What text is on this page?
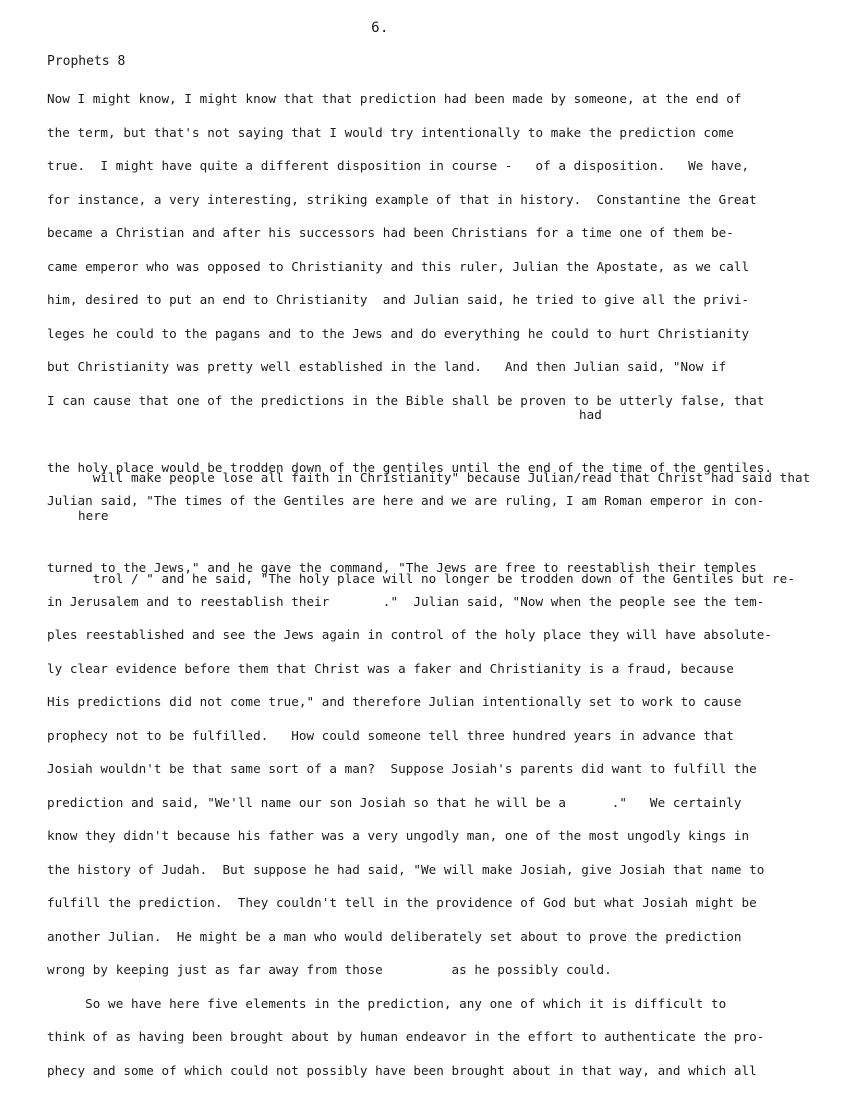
6.
Prophets 8
Now I might know, I might know that that prediction had been made by someone, at the end of
the term, but that's not saying that I would try intentionally to make the prediction come
true.  I might have quite a different disposition in course -   of a disposition.   We have,
for instance, a very interesting, striking example of that in history.  Constantine the Great
became a Christian and after his successors had been Christians for a time one of them be-
came emperor who was opposed to Christianity and this ruler, Julian the Apostate, as we call
him, desired to put an end to Christianity  and Julian said, he tried to give all the privi-
leges he could to the pagans and to the Jews and do everything he could to hurt Christianity
but Christianity was pretty well established in the land.   And then Julian said, "Now if
I can cause that one of the predictions in the Bible shall be proven to be utterly false, that

had

will make people lose all faith in Christianity" because Julian/read that Christ had said that

the holy place would be trodden down of the gentiles until the end of the time of the gentiles.
Julian said, "The times of the Gentiles are here and we are ruling, I am Roman emperor in con-

here

trol / " and he said, "The holy place will no longer be trodden down of the Gentiles but re-

turned to the Jews," and he gave the command, "The Jews are free to reestablish their temples
in Jerusalem and to reestablish their       ."  Julian said, "Now when the people see the tem-
ples reestablished and see the Jews again in control of the holy place they will have absolute-
ly clear evidence before them that Christ was a faker and Christianity is a fraud, because
His predictions did not come true," and therefore Julian intentionally set to work to cause
prophecy not to be fulfilled.   How could someone tell three hundred years in advance that
Josiah wouldn't be that same sort of a man?  Suppose Josiah's parents did want to fulfill the
prediction and said, "We'll name our son Josiah so that he will be a      ."   We certainly
know they didn't because his father was a very ungodly man, one of the most ungodly kings in
the history of Judah.  But suppose he had said, "We will make Josiah, give Josiah that name to
fulfill the prediction.  They couldn't tell in the providence of God but what Josiah might be
another Julian.  He might be a man who would deliberately set about to prove the prediction
wrong by keeping just as far away from those         as he possibly could.
So we have here five elements in the prediction, any one of which it is difficult to
think of as having been brought about by human endeavor in the effort to authenticate the pro-
phecy and some of which could not possibly have been brought about in that way, and which all
